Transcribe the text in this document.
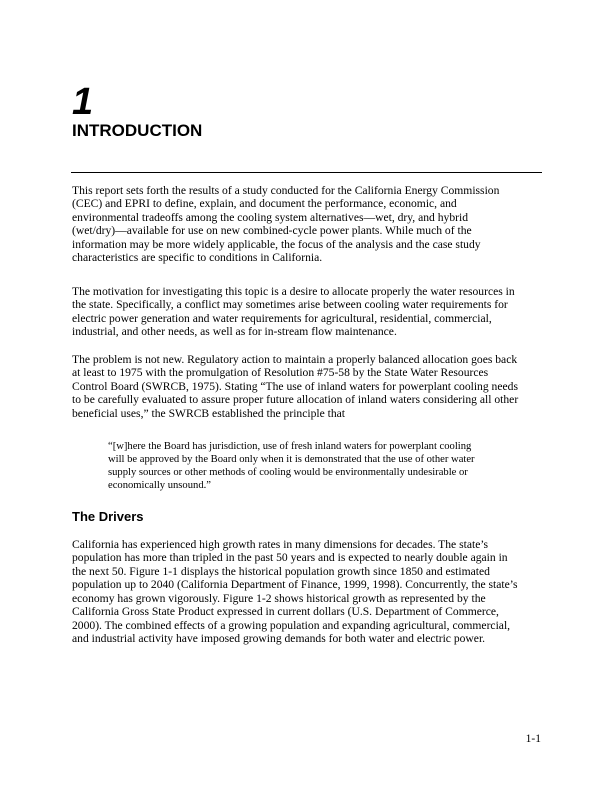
1
INTRODUCTION
This report sets forth the results of a study conducted for the California Energy Commission
(CEC) and EPRI to define, explain, and document the performance, economic, and
environmental tradeoffs among the cooling system alternatives—wet, dry, and hybrid
(wet/dry)—available for use on new combined-cycle power plants. While much of the
information may be more widely applicable, the focus of the analysis and the case study
characteristics are specific to conditions in California.
The motivation for investigating this topic is a desire to allocate properly the water resources in
the state. Specifically, a conflict may sometimes arise between cooling water requirements for
electric power generation and water requirements for agricultural, residential, commercial,
industrial, and other needs, as well as for in-stream flow maintenance.
The problem is not new. Regulatory action to maintain a properly balanced allocation goes back
at least to 1975 with the promulgation of Resolution #75-58 by the State Water Resources
Control Board (SWRCB, 1975). Stating “The use of inland waters for powerplant cooling needs
to be carefully evaluated to assure proper future allocation of inland waters considering all other
beneficial uses,” the SWRCB established the principle that
“[w]here the Board has jurisdiction, use of fresh inland waters for powerplant cooling
will be approved by the Board only when it is demonstrated that the use of other water
supply sources or other methods of cooling would be environmentally undesirable or
economically unsound.”
The Drivers
California has experienced high growth rates in many dimensions for decades. The state’s
population has more than tripled in the past 50 years and is expected to nearly double again in
the next 50. Figure 1-1 displays the historical population growth since 1850 and estimated
population up to 2040 (California Department of Finance, 1999, 1998). Concurrently, the state’s
economy has grown vigorously. Figure 1-2 shows historical growth as represented by the
California Gross State Product expressed in current dollars (U.S. Department of Commerce,
2000). The combined effects of a growing population and expanding agricultural, commercial,
and industrial activity have imposed growing demands for both water and electric power.
1-1
